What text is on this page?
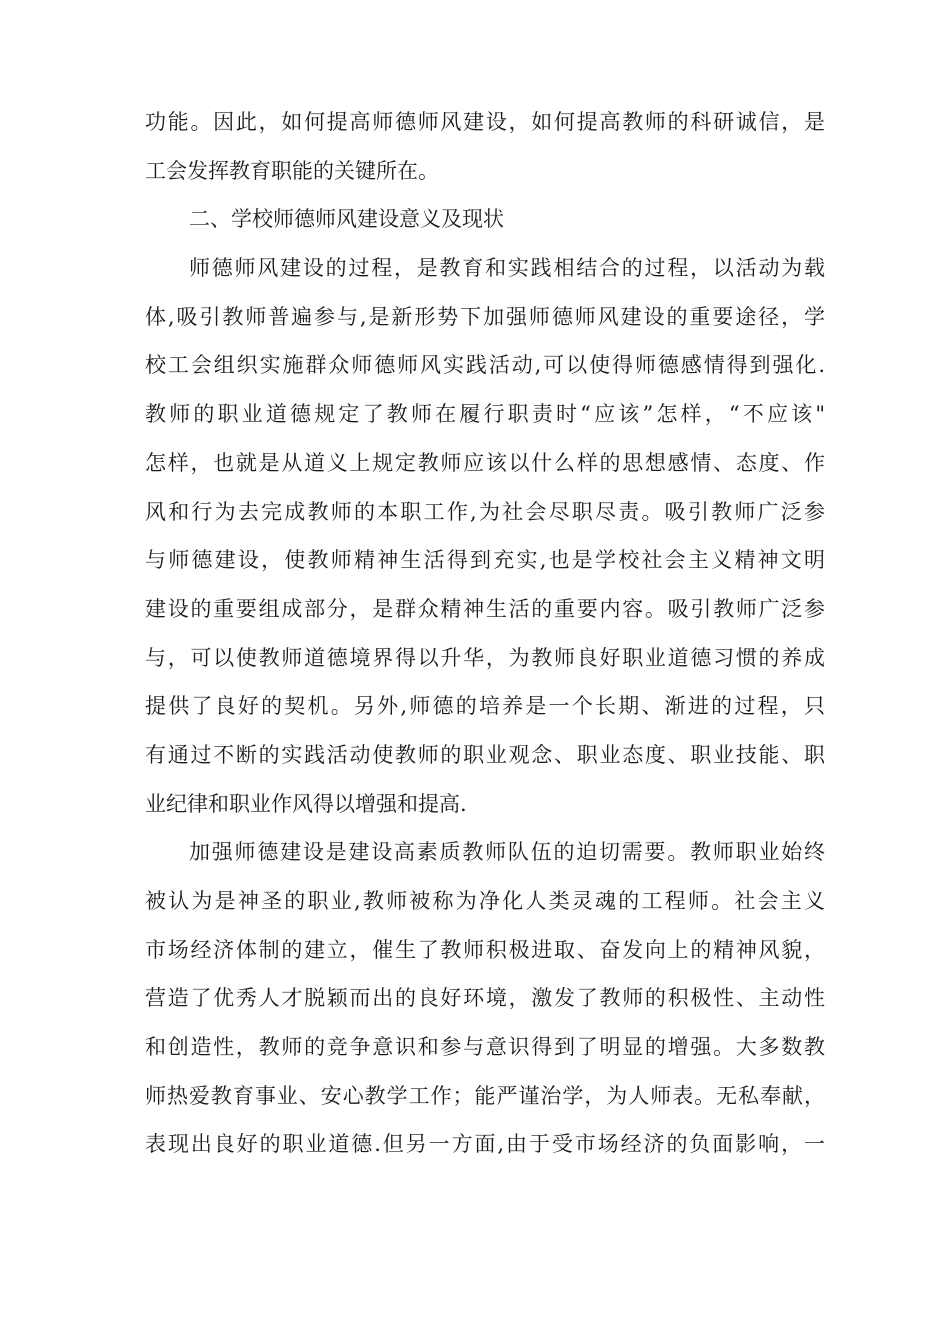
功能。因此，如何提高师德师风建设，如何提高教师的科研诚信，是
工会发挥教育职能的关键所在。
二、学校师德师风建设意义及现状
师德师风建设的过程，是教育和实践相结合的过程，以活动为载
体,吸引教师普遍参与,是新形势下加强师德师风建设的重要途径，学
校工会组织实施群众师德师风实践活动,可以使得师德感情得到强化.
教师的职业道德规定了教师在履行职责时“应该”怎样，“不应该"
怎样，也就是从道义上规定教师应该以什么样的思想感情、态度、作
风和行为去完成教师的本职工作,为社会尽职尽责。吸引教师广泛参
与师德建设，使教师精神生活得到充实,也是学校社会主义精神文明
建设的重要组成部分，是群众精神生活的重要内容。吸引教师广泛参
与，可以使教师道德境界得以升华，为教师良好职业道德习惯的养成
提供了良好的契机。另外,师德的培养是一个长期、渐进的过程，只
有通过不断的实践活动使教师的职业观念、职业态度、职业技能、职
业纪律和职业作风得以增强和提高.
加强师德建设是建设高素质教师队伍的迫切需要。教师职业始终
被认为是神圣的职业,教师被称为净化人类灵魂的工程师。社会主义
市场经济体制的建立，催生了教师积极进取、奋发向上的精神风貌，
营造了优秀人才脱颖而出的良好环境，激发了教师的积极性、主动性
和创造性，教师的竞争意识和参与意识得到了明显的增强。大多数教
师热爱教育事业、安心教学工作；能严谨治学，为人师表。无私奉献，
表现出良好的职业道德.但另一方面,由于受市场经济的负面影响，一
